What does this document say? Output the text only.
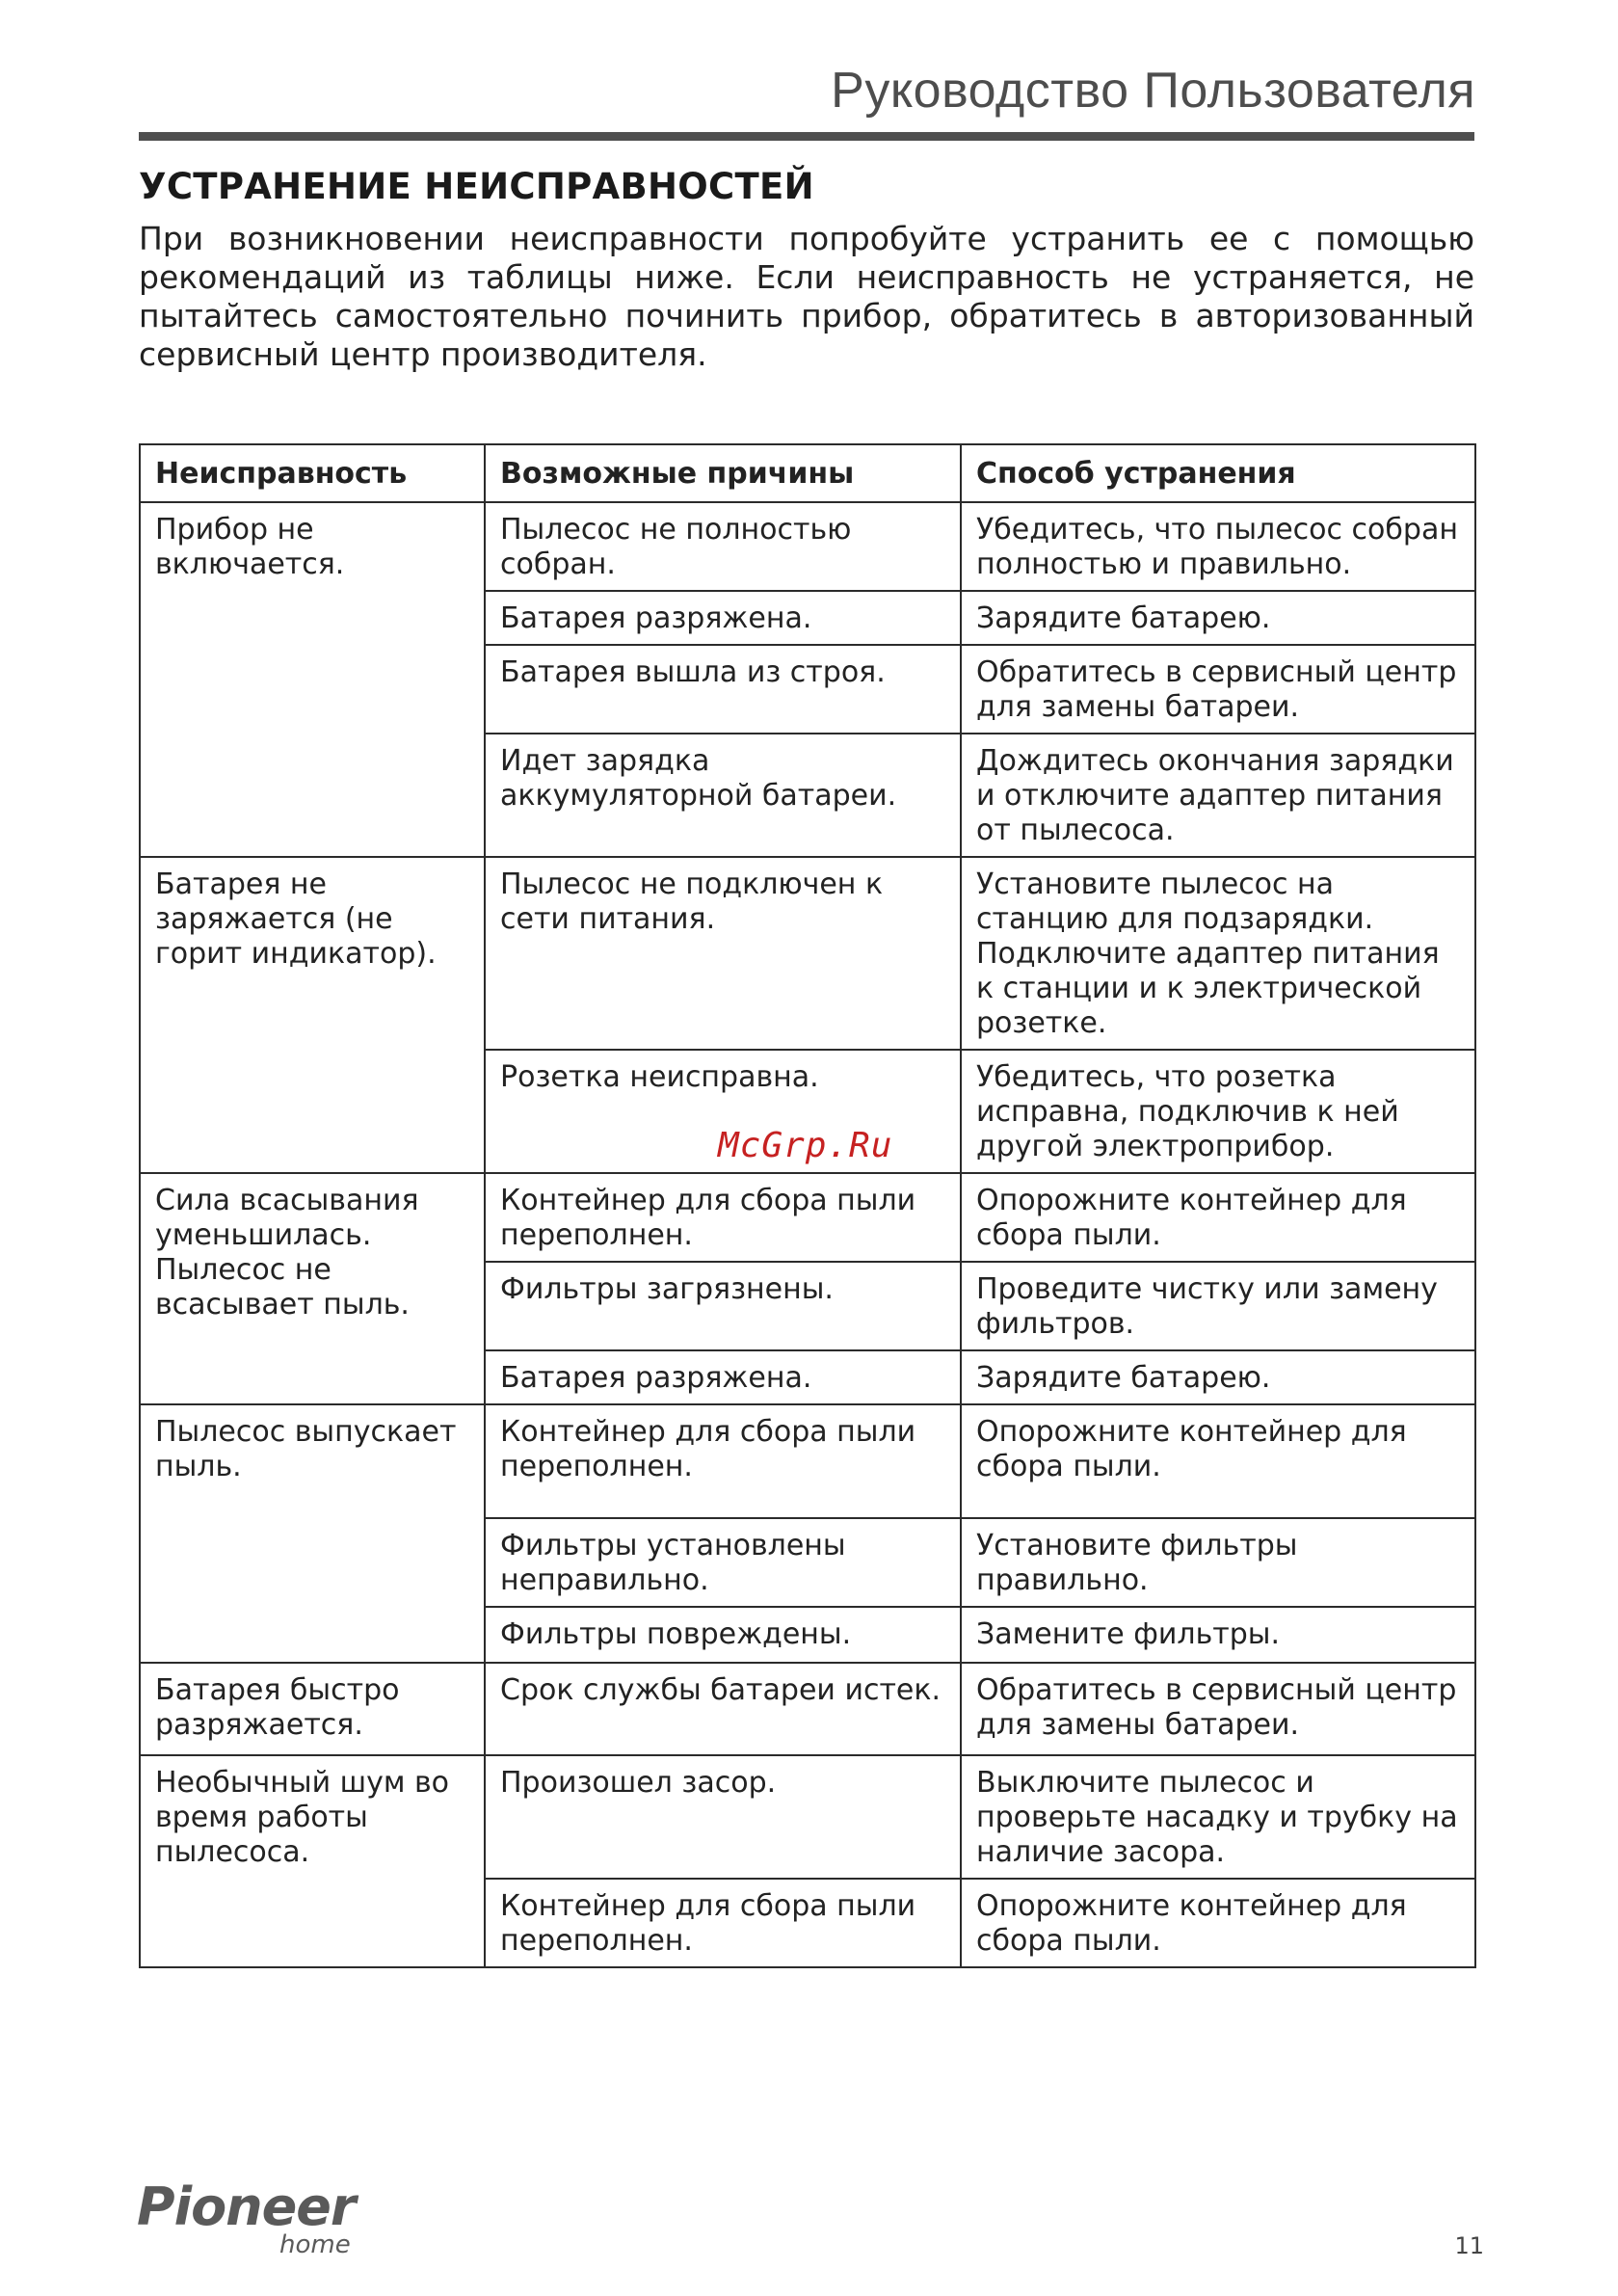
Руководство Пользователя
УСТРАНЕНИЕ НЕИСПРАВНОСТЕЙ

При возникновении неисправности попробуйте устранить ее с помощью рекомендаций из таблицы ниже. Если неисправность не устраняется, не пытайтесь самостоятельно починить прибор, обратитесь в авторизованный сервисный центр производителя.

Неисправность	Возможные причины	Способ устранения
Прибор не включается.	Пылесос не полностью собран.	Убедитесь, что пылесос собран полностью и правильно.
	Батарея разряжена.	Зарядите батарею.
	Батарея вышла из строя.	Обратитесь в сервисный центр для замены батареи.
	Идет зарядка аккумуляторной батареи.	Дождитесь окончания зарядки и отключите адаптер питания от пылесоса.
Батарея не заряжается (не горит индикатор).	Пылесос не подключен к сети питания.	Установите пылесос на станцию для подзарядки. Подключите адаптер питания к станции и к электрической розетке.
	Розетка неисправна.	Убедитесь, что розетка исправна, подключив к ней другой электроприбор.
Сила всасывания уменьшилась. Пылесос не всасывает пыль.	Контейнер для сбора пыли переполнен.	Опорожните контейнер для сбора пыли.
	Фильтры загрязнены.	Проведите чистку или замену фильтров.
	Батарея разряжена.	Зарядите батарею.
Пылесос выпускает пыль.	Контейнер для сбора пыли переполнен.	Опорожните контейнер для сбора пыли.
	Фильтры установлены неправильно.	Установите фильтры правильно.
	Фильтры повреждены.	Замените фильтры.
Батарея быстро разряжается.	Срок службы батареи истек.	Обратитесь в сервисный центр для замены батареи.
Необычный шум во время работы пылесоса.	Произошел засор.	Выключите пылесос и проверьте насадку и трубку на наличие засора.
	Контейнер для сбора пыли переполнен.	Опорожните контейнер для сбора пыли.
McGrp.Ru
Pioneer
home	11
